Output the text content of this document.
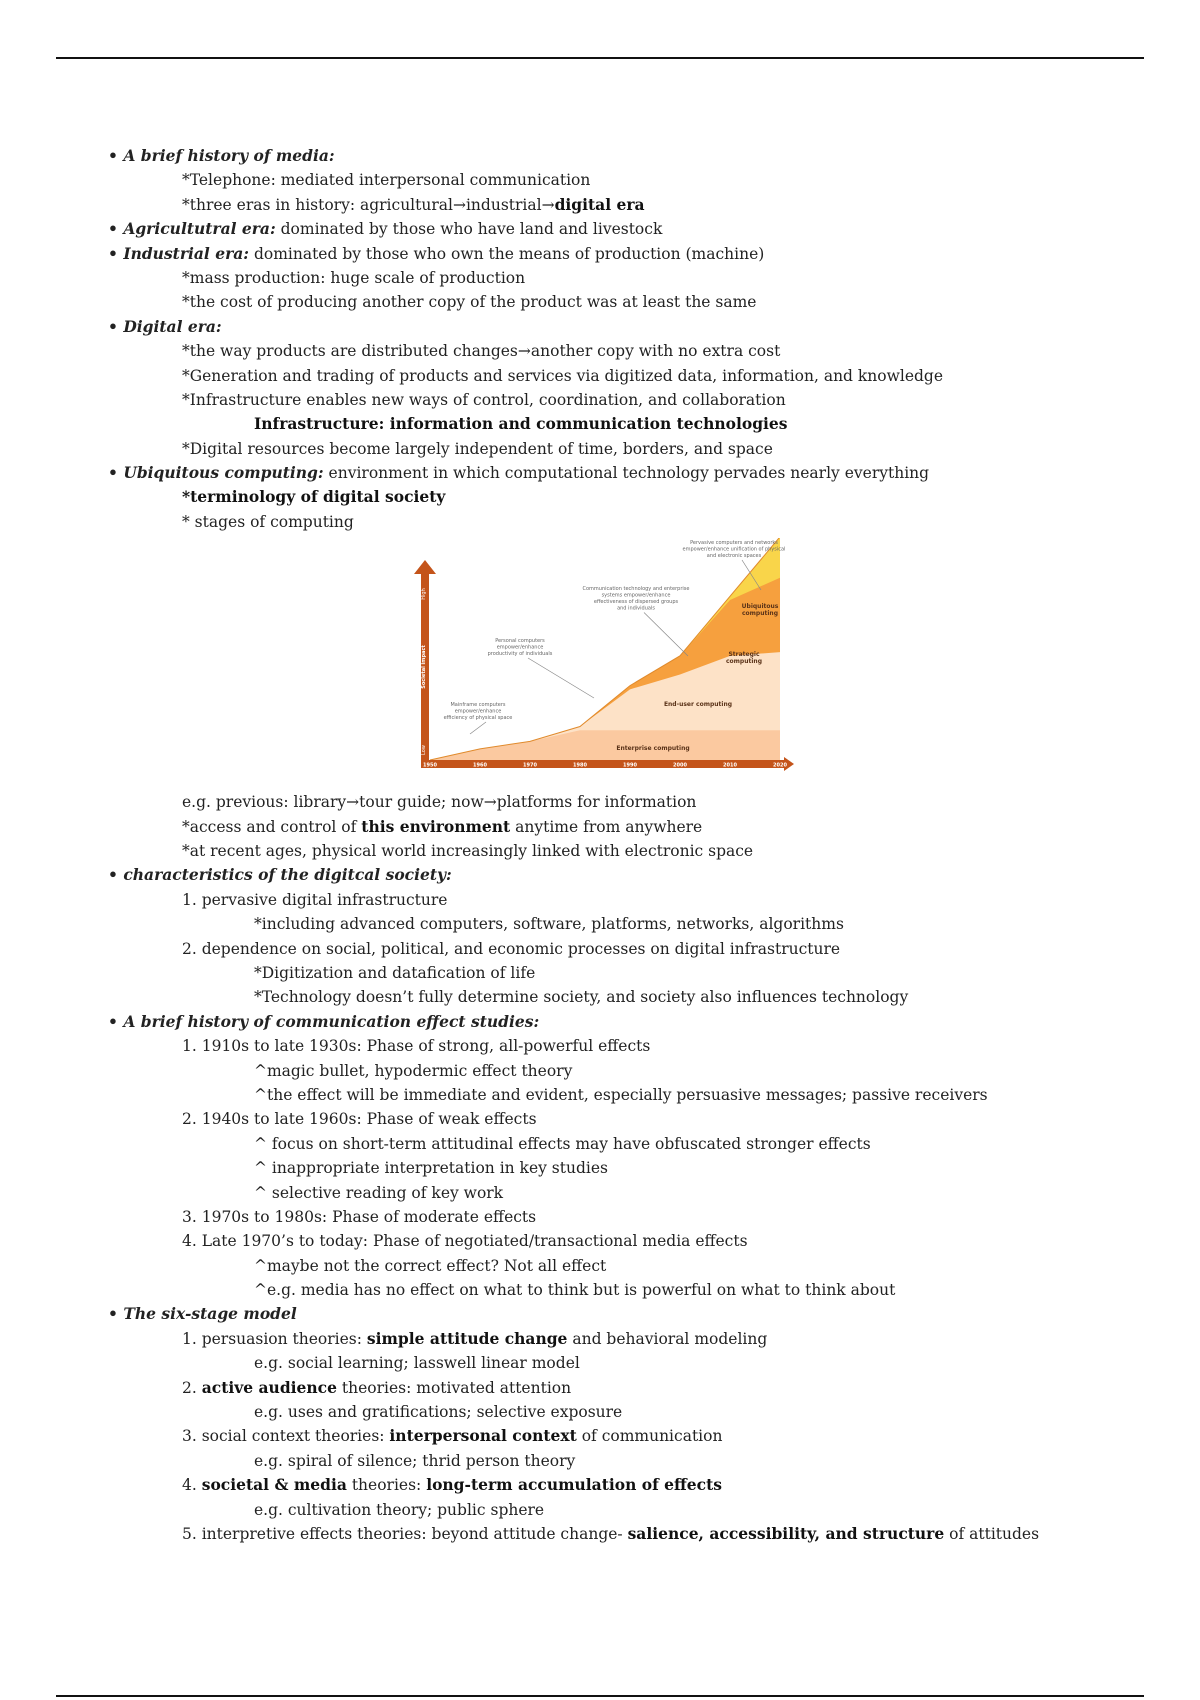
• A brief history of media:
*Telephone: mediated interpersonal communication
*three eras in history: agricultural→industrial→digital era
• Agricultutral era: dominated by those who have land and livestock
• Industrial era: dominated by those who own the means of production (machine)
*mass production: huge scale of production
*the cost of producing another copy of the product was at least the same
• Digital era:
*the way products are distributed changes→another copy with no extra cost
*Generation and trading of products and services via digitized data, information, and knowledge
*Infrastructure enables new ways of control, coordination, and collaboration
Infrastructure: information and communication technologies
*Digital resources become largely independent of time, borders, and space
• Ubiquitous computing: environment in which computational technology pervades nearly everything
*terminology of digital society
* stages of computing
1950	1960	1970	1980	1990	2000	2010	2020
Societal impact
High
Low	Enterprise computing
End-user computing
Strategic
computing
Ubiquitous
computing
Mainframe computers
empower/enhance
efficiency of physical space
Personal computers
empower/enhance
productivity of individuals
Communication technology and enterprise
systems empower/enhance
effectiveness of dispersed groups
and individuals
Pervasive computers and networks
empower/enhance unification of physical
and electronic spaces
e.g. previous: library→tour guide; now→platforms for information
*access and control of this environment anytime from anywhere
*at recent ages, physical world increasingly linked with electronic space
• characteristics of the digitcal society:
1. pervasive digital infrastructure
*including advanced computers, software, platforms, networks, algorithms
2. dependence on social, political, and economic processes on digital infrastructure
*Digitization and datafication of life
*Technology doesn’t fully determine society, and society also influences technology
• A brief history of communication effect studies:
1. 1910s to late 1930s: Phase of strong, all-powerful effects
^magic bullet, hypodermic effect theory
^the effect will be immediate and evident, especially persuasive messages; passive receivers
2. 1940s to late 1960s: Phase of weak effects
^ focus on short-term attitudinal effects may have obfuscated stronger effects
^ inappropriate interpretation in key studies
^ selective reading of key work
3. 1970s to 1980s: Phase of moderate effects
4. Late 1970’s to today: Phase of negotiated/transactional media effects
^maybe not the correct effect? Not all effect
^e.g. media has no effect on what to think but is powerful on what to think about
• The six-stage model
1. persuasion theories: simple attitude change and behavioral modeling
e.g. social learning; lasswell linear model
2. active audience theories: motivated attention
e.g. uses and gratifications; selective exposure
3. social context theories: interpersonal context of communication
e.g. spiral of silence; thrid person theory
4. societal & media theories: long-term accumulation of effects
e.g. cultivation theory; public sphere
5. interpretive effects theories: beyond attitude change- salience, accessibility, and structure of attitudes
